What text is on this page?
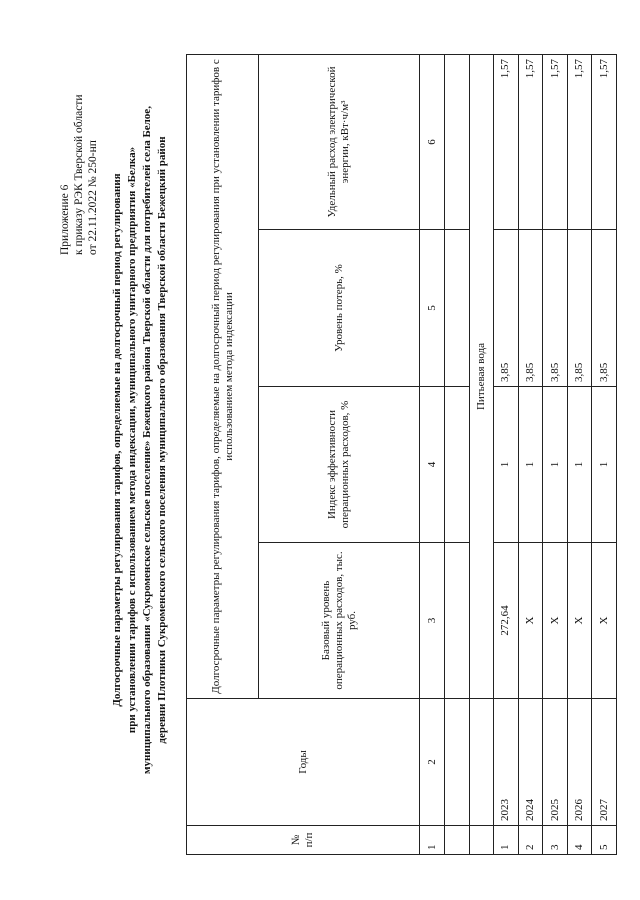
Приложение 6 к приказу РЭК Тверской области от 22.11.2022 № 250-нп Долгосрочные параметры регулирования тарифов, определяемые на долгосрочный период регулирования при установлении тарифов с использованием метода индексации, муниципального унитарного предприятия «Белка» муниципального образования «Сукроменское сельское поселение» Бежецкого района Тверской области для потребителей села Белое, деревни Плотники Сукроменского сельского поселения муниципального образования Тверской области Бежецкий район
№ п/п	Годы	Долгосрочные параметры регулирования тарифов, определяемые на долгосрочный период регулирования при установлении тарифов с использованием метода индексации			
		Базовый уровень операционных расходов, тыс. руб.	Индекс эффективности операционных расходов, %	Уровень потерь, %	Удельный расход электрической энергии, кВт·ч/м³
1	2	3	4	5	6

		Питьевая вода			
1	2023	272,64	1	3,85	1,57
2	2024	X	1	3,85	1,57
3	2025	X	1	3,85	1,57
4	2026	X	1	3,85	1,57
5	2027	X	1	3,85	1,57
